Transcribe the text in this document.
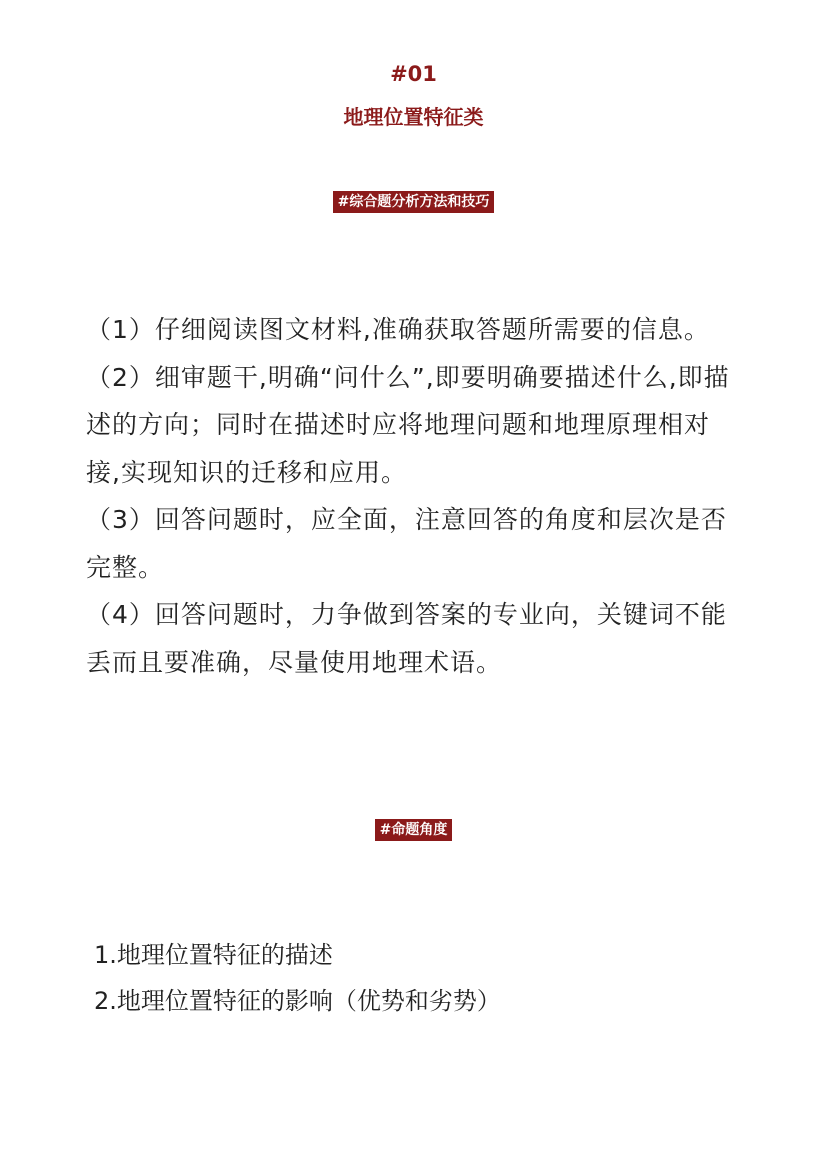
#01
地理位置特征类
#综合题分析方法和技巧

（1）仔细阅读图文材料,准确获取答题所需要的信息。

（2）细审题干,明确“问什么”,即要明确要描述什么,即描述的方向；同时在描述时应将地理问题和地理原理相对接,实现知识的迁移和应用。

（3）回答问题时，应全面，注意回答的角度和层次是否完整。

（4）回答问题时，力争做到答案的专业向，关键词不能丢而且要准确，尽量使用地理术语。

#命题角度

1.地理位置特征的描述

2.地理位置特征的影响（优势和劣势）
